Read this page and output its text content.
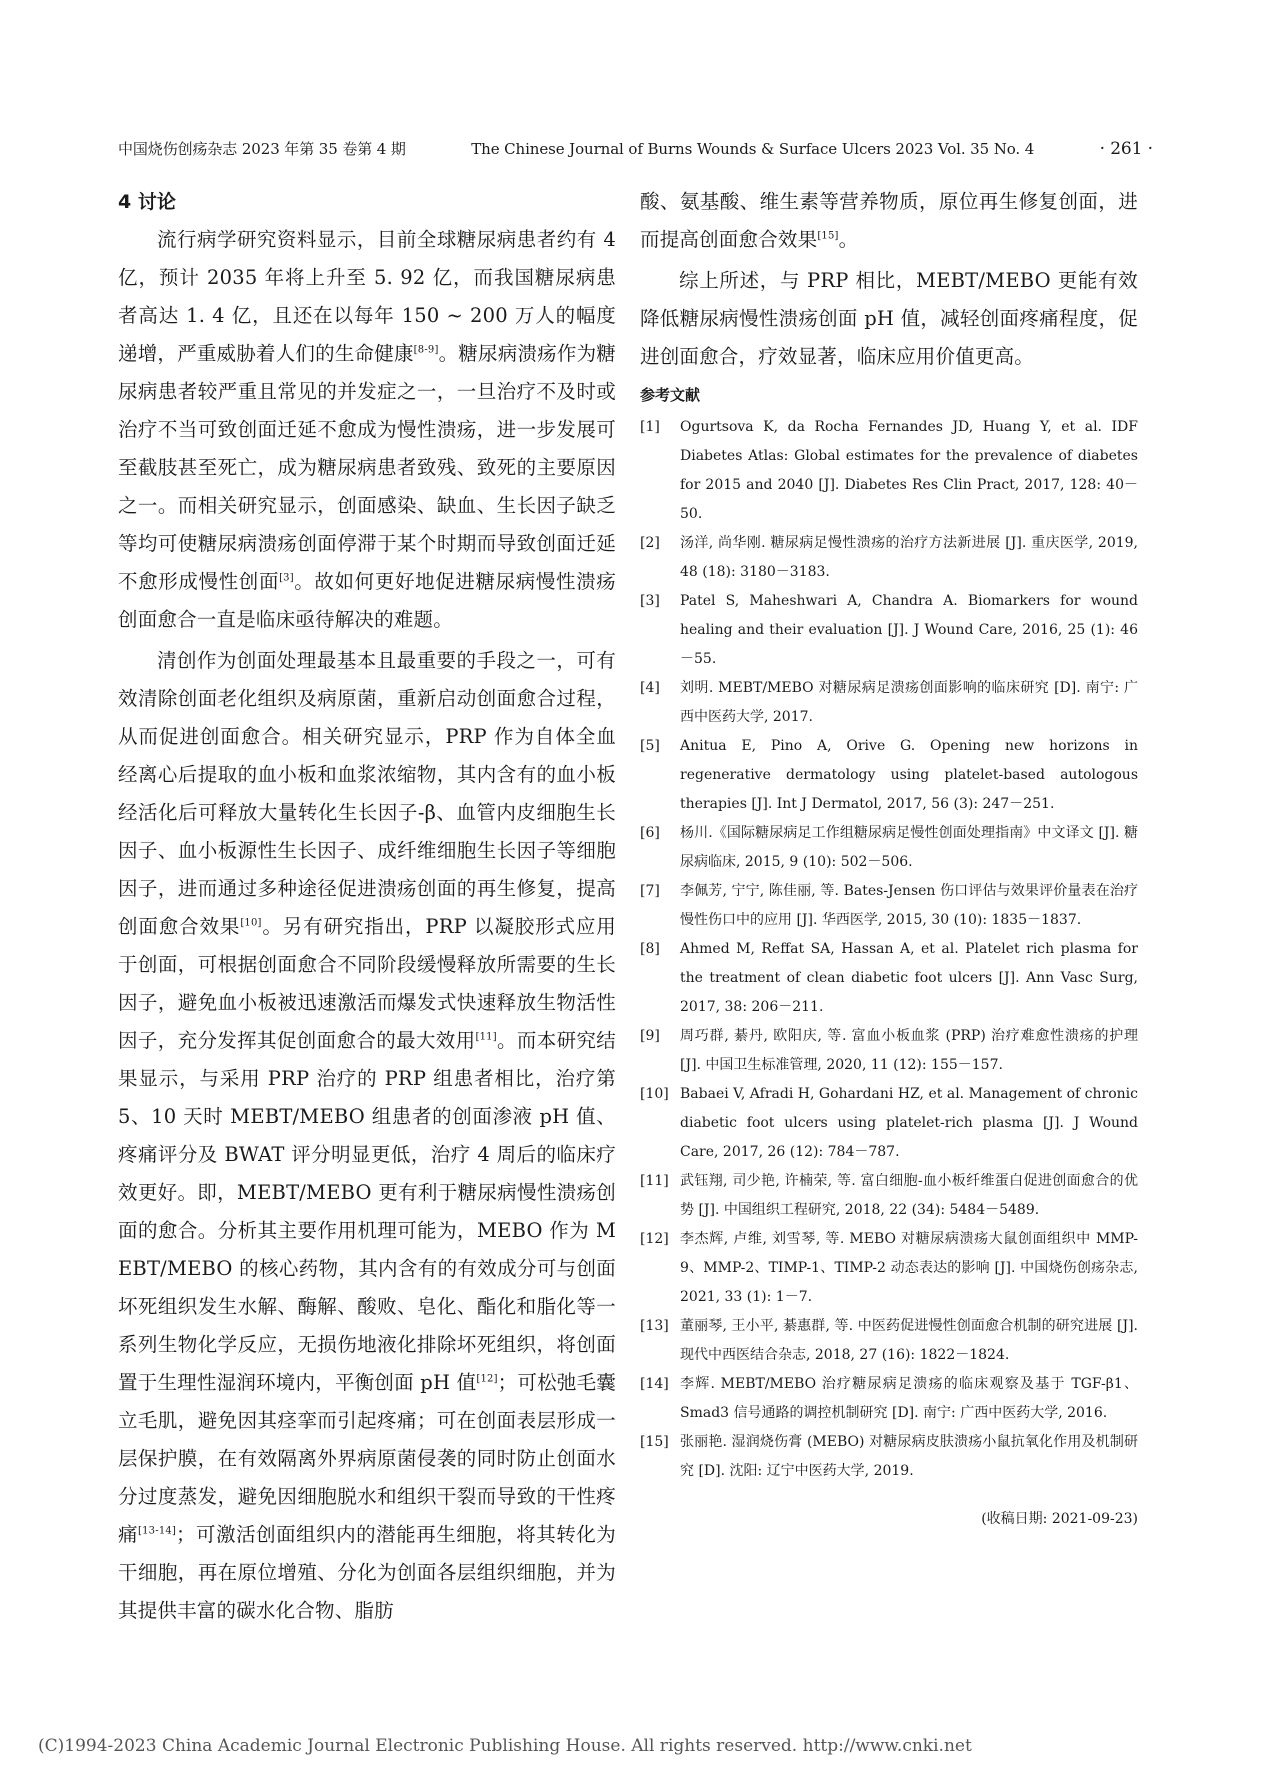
中国烧伤创疡杂志 2023 年第 35 卷第 4 期	The Chinese Journal of Burns Wounds & Surface Ulcers 2023 Vol. 35 No. 4	· 261 ·
4 讨论

流行病学研究资料显示，目前全球糖尿病患者约有 4 亿，预计 2035 年将上升至 5. 92 亿，而我国糖尿病患者高达 1. 4 亿，且还在以每年 150 ~ 200 万人的幅度递增，严重威胁着人们的生命健康[8-9]。糖尿病溃疡作为糖尿病患者较严重且常见的并发症之一，一旦治疗不及时或治疗不当可致创面迁延不愈成为慢性溃疡，进一步发展可至截肢甚至死亡，成为糖尿病患者致残、致死的主要原因之一。而相关研究显示，创面感染、缺血、生长因子缺乏等均可使糖尿病溃疡创面停滞于某个时期而导致创面迁延不愈形成慢性创面[3]。故如何更好地促进糖尿病慢性溃疡创面愈合一直是临床亟待解决的难题。

清创作为创面处理最基本且最重要的手段之一，可有效清除创面老化组织及病原菌，重新启动创面愈合过程，从而促进创面愈合。相关研究显示，PRP 作为自体全血经离心后提取的血小板和血浆浓缩物，其内含有的血小板经活化后可释放大量转化生长因子-β、血管内皮细胞生长因子、血小板源性生长因子、成纤维细胞生长因子等细胞因子，进而通过多种途径促进溃疡创面的再生修复，提高创面愈合效果[10]。另有研究指出，PRP 以凝胶形式应用于创面，可根据创面愈合不同阶段缓慢释放所需要的生长因子，避免血小板被迅速激活而爆发式快速释放生物活性因子，充分发挥其促创面愈合的最大效用[11]。而本研究结果显示，与采用 PRP 治疗的 PRP 组患者相比，治疗第 5、10 天时 MEBT/MEBO 组患者的创面渗液 pH 值、疼痛评分及 BWAT 评分明显更低，治疗 4 周后的临床疗效更好。即，MEBT/MEBO 更有利于糖尿病慢性溃疡创面的愈合。分析其主要作用机理可能为，MEBO 作为 MEBT/MEBO 的核心药物，其内含有的有效成分可与创面坏死组织发生水解、酶解、酸败、皂化、酯化和脂化等一系列生物化学反应，无损伤地液化排除坏死组织，将创面置于生理性湿润环境内，平衡创面 pH 值[12]；可松弛毛囊立毛肌，避免因其痉挛而引起疼痛；可在创面表层形成一层保护膜，在有效隔离外界病原菌侵袭的同时防止创面水分过度蒸发，避免因细胞脱水和组织干裂而导致的干性疼痛[13-14]；可激活创面组织内的潜能再生细胞，将其转化为干细胞，再在原位增殖、分化为创面各层组织细胞，并为其提供丰富的碳水化合物、脂肪

酸、氨基酸、维生素等营养物质，原位再生修复创面，进而提高创面愈合效果[15]。

综上所述，与 PRP 相比，MEBT/MEBO 更能有效降低糖尿病慢性溃疡创面 pH 值，减轻创面疼痛程度，促进创面愈合，疗效显著，临床应用价值更高。

参考文献
[1]	Ogurtsova K, da Rocha Fernandes JD, Huang Y, et al. IDF Diabetes Atlas: Global estimates for the prevalence of diabetes for 2015 and 2040 [J]. Diabetes Res Clin Pract, 2017, 128: 40－50.
[2]	汤洋, 尚华刚. 糖尿病足慢性溃疡的治疗方法新进展 [J]. 重庆医学, 2019, 48 (18): 3180－3183.
[3]	Patel S, Maheshwari A, Chandra A. Biomarkers for wound healing and their evaluation [J]. J Wound Care, 2016, 25 (1): 46－55.
[4]	刘明. MEBT/MEBO 对糖尿病足溃疡创面影响的临床研究 [D]. 南宁: 广西中医药大学, 2017.
[5]	Anitua E, Pino A, Orive G. Opening new horizons in regenerative dermatology using platelet-based autologous therapies [J]. Int J Dermatol, 2017, 56 (3): 247－251.
[6]	杨川.《国际糖尿病足工作组糖尿病足慢性创面处理指南》中文译文 [J]. 糖尿病临床, 2015, 9 (10): 502－506.
[7]	李佩芳, 宁宁, 陈佳丽, 等. Bates-Jensen 伤口评估与效果评价量表在治疗慢性伤口中的应用 [J]. 华西医学, 2015, 30 (10): 1835－1837.
[8]	Ahmed M, Reffat SA, Hassan A, et al. Platelet rich plasma for the treatment of clean diabetic foot ulcers [J]. Ann Vasc Surg, 2017, 38: 206－211.
[9]	周巧群, 綦丹, 欧阳庆, 等. 富血小板血浆 (PRP) 治疗难愈性溃疡的护理 [J]. 中国卫生标准管理, 2020, 11 (12): 155－157.
[10] Babaei V, Afradi H, Gohardani HZ, et al. Management of chronic diabetic foot ulcers using platelet-rich plasma [J]. J Wound Care, 2017, 26 (12): 784－787.
[11] 武钰翔, 司少艳, 许楠荣, 等. 富白细胞-血小板纤维蛋白促进创面愈合的优势 [J]. 中国组织工程研究, 2018, 22 (34): 5484－5489.
[12] 李杰辉, 卢维, 刘雪琴, 等. MEBO 对糖尿病溃疡大鼠创面组织中 MMP-9、MMP-2、TIMP-1、TIMP-2 动态表达的影响 [J]. 中国烧伤创疡杂志, 2021, 33 (1): 1－7.
[13] 董丽琴, 王小平, 綦惠群, 等. 中医药促进慢性创面愈合机制的研究进展 [J]. 现代中西医结合杂志, 2018, 27 (16): 1822－1824.
[14] 李辉. MEBT/MEBO 治疗糖尿病足溃疡的临床观察及基于 TGF-β1、Smad3 信号通路的调控机制研究 [D]. 南宁: 广西中医药大学, 2016.
[15] 张丽艳. 湿润烧伤膏 (MEBO) 对糖尿病皮肤溃疡小鼠抗氧化作用及机制研究 [D]. 沈阳: 辽宁中医药大学, 2019.
(收稿日期: 2021-09-23)
(C)1994-2023 China Academic Journal Electronic Publishing House. All rights reserved. http://www.cnki.net
